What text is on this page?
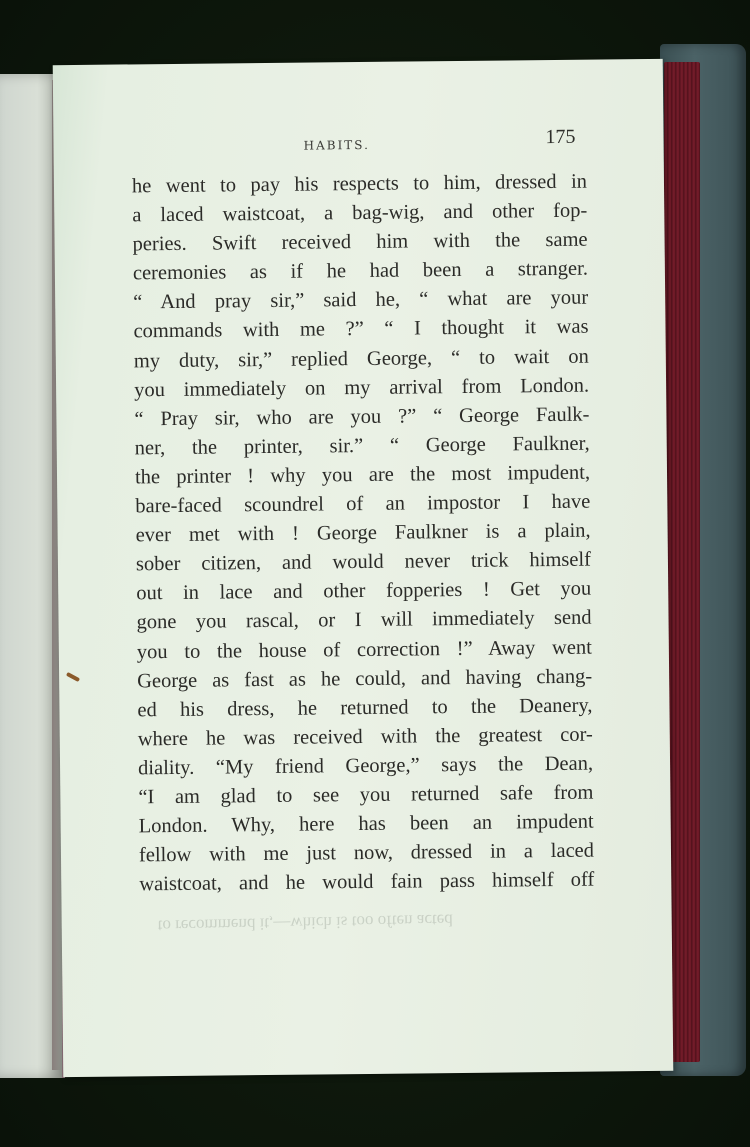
HABITS.	175
he went to pay his respects to him, dressed in
a laced waistcoat, a bag-wig, and other fop-
peries. Swift received him with the same
ceremonies as if he had been a stranger.
“ And pray sir,” said he, “ what are your
commands with me ?” “ I thought it was
my duty, sir,” replied George, “ to wait on
you immediately on my arrival from London.
“ Pray sir, who are you ?” “ George Faulk-
ner, the printer, sir.” “ George Faulkner,
the printer ! why you are the most impudent,
bare-faced scoundrel of an impostor I have
ever met with ! George Faulkner is a plain,
sober citizen, and would never trick himself
out in lace and other fopperies ! Get you
gone you rascal, or I will immediately send
you to the house of correction !” Away went
George as fast as he could, and having chang-
ed his dress, he returned to the Deanery,
where he was received with the greatest cor-
diality. “My friend George,” says the Dean,
“I am glad to see you returned safe from
London. Why, here has been an impudent
fellow with me just now, dressed in a laced
waistcoat, and he would fain pass himself off
to recommend it,—which is too often acted
